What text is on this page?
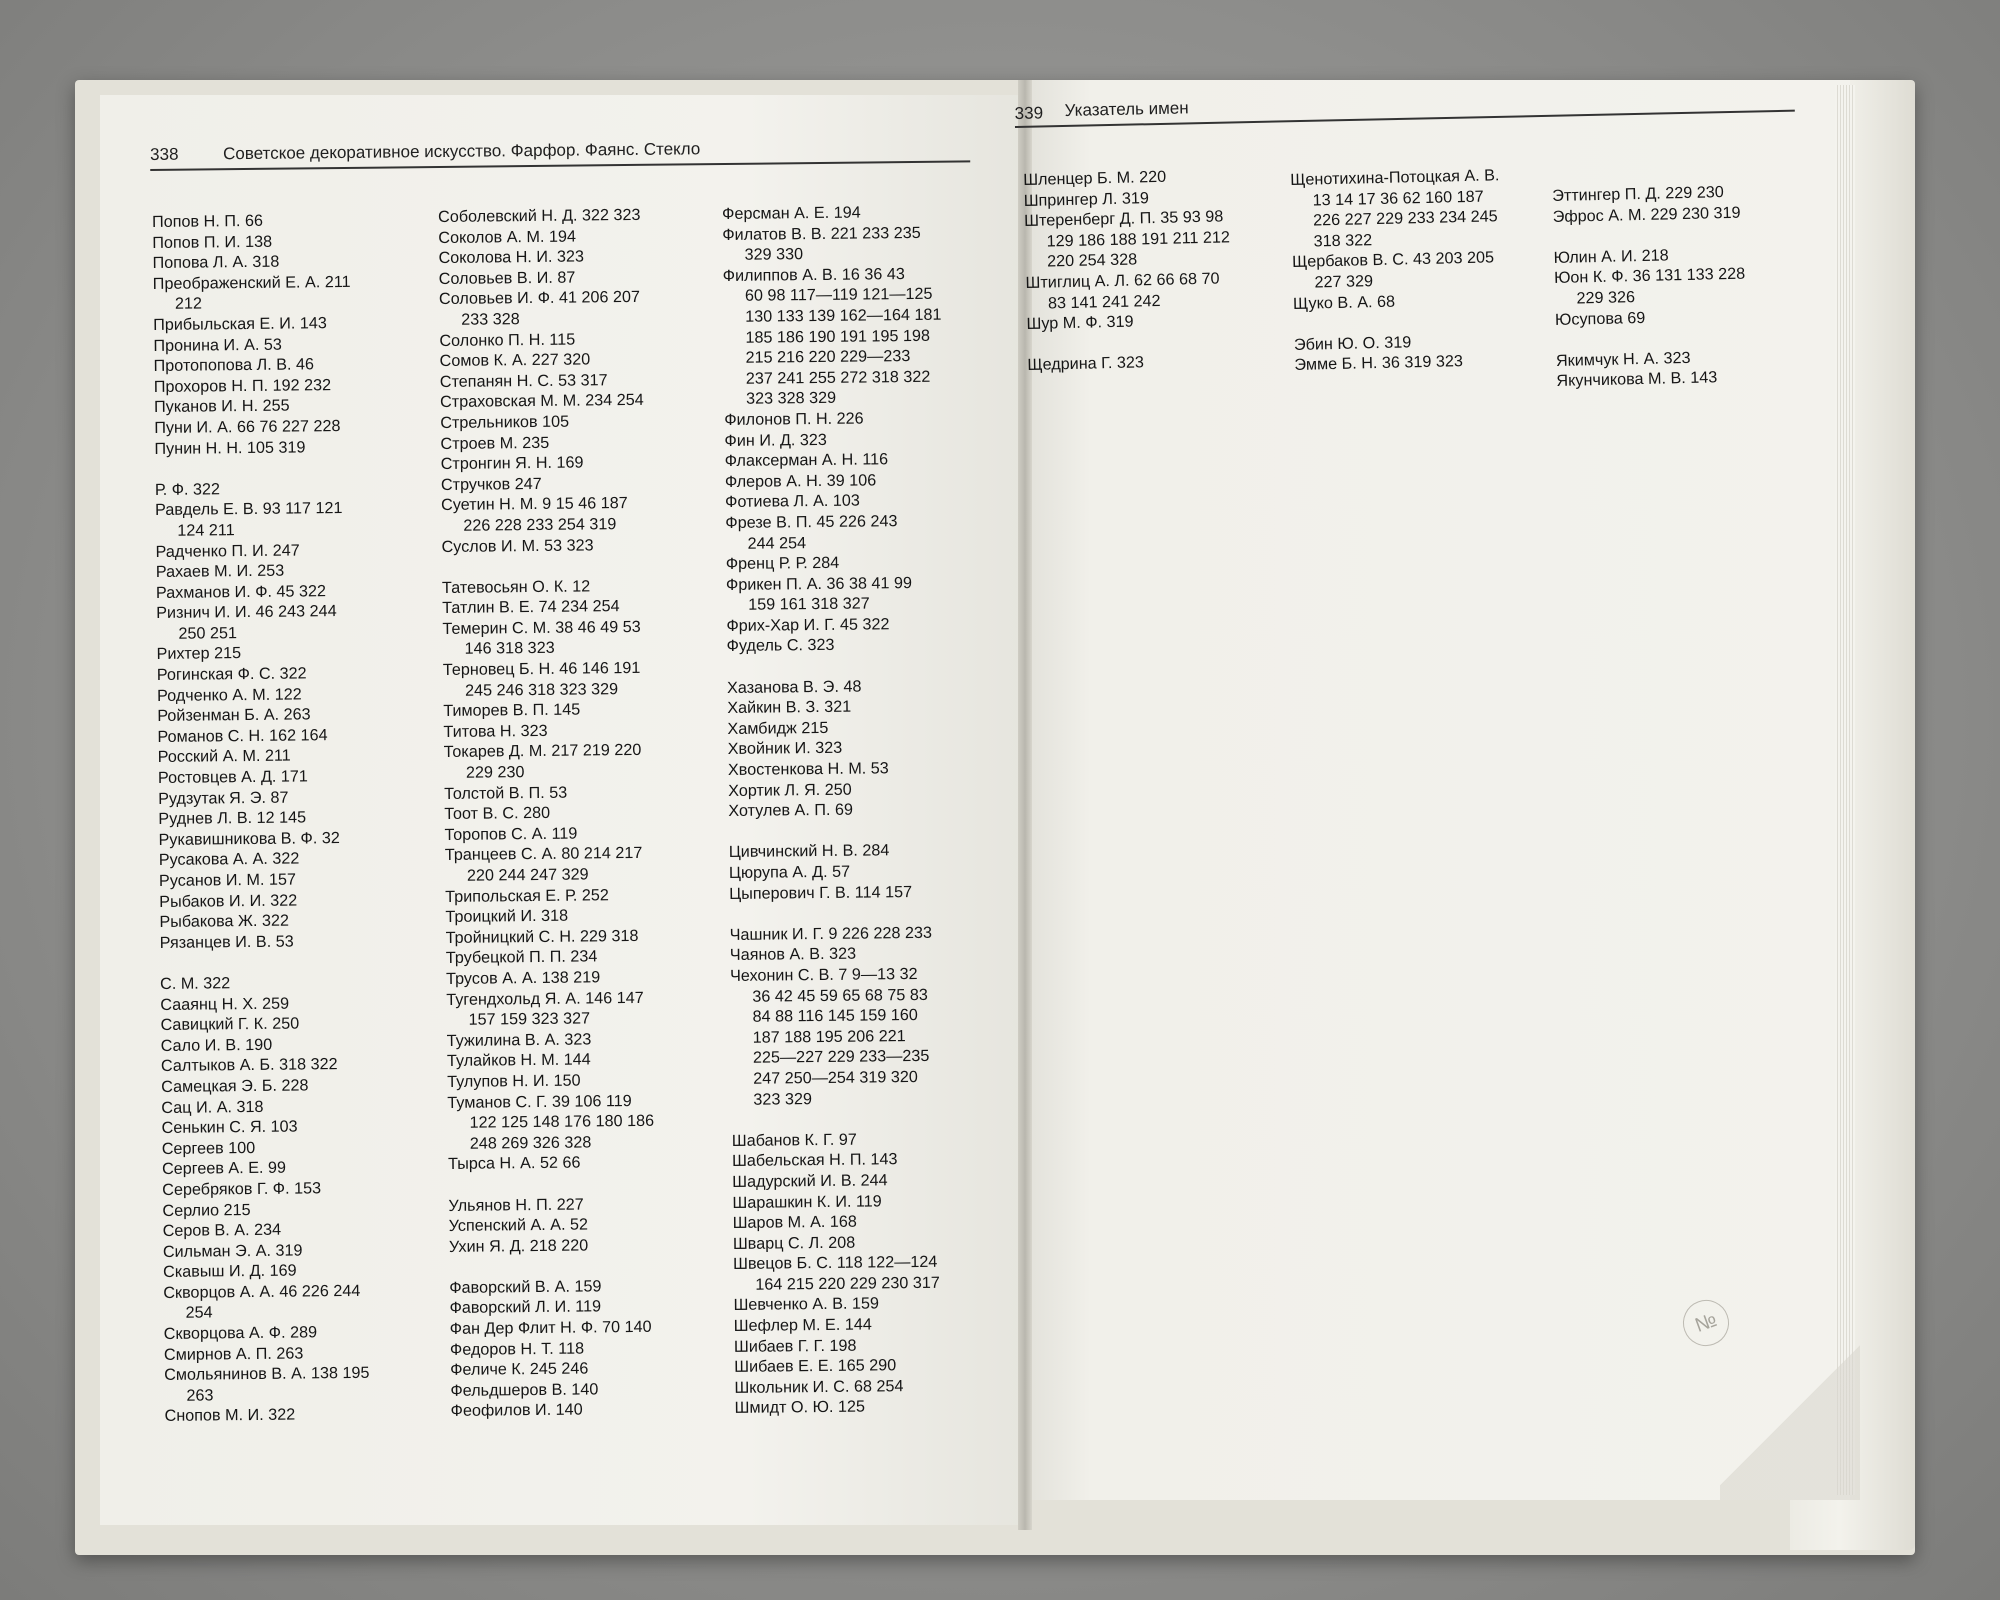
338	Советское декоративное искусство. Фарфор. Фаянс. Стекло
339 Указатель имен
Попов Н. П. 66
Попов П. И. 138
Попова Л. А. 318
Преображенский Е. А. 211
212
Прибыльская Е. И. 143
Пронина И. А. 53
Протопопова Л. В. 46
Прохоров Н. П. 192 232
Пуканов И. Н. 255
Пуни И. А. 66 76 227 228
Пунин Н. Н. 105 319
Р. Ф. 322
Равдель Е. В. 93 117 121
124 211
Радченко П. И. 247
Рахаев М. И. 253
Рахманов И. Ф. 45 322
Ризнич И. И. 46 243 244
250 251
Рихтер 215
Рогинская Ф. С. 322
Родченко А. М. 122
Ройзенман Б. А. 263
Романов С. Н. 162 164
Росский А. М. 211
Ростовцев А. Д. 171
Рудзутак Я. Э. 87
Руднев Л. В. 12 145
Рукавишникова В. Ф. 32
Русакова А. А. 322
Русанов И. М. 157
Рыбаков И. И. 322
Рыбакова Ж. 322
Рязанцев И. В. 53
С. М. 322
Сааянц Н. Х. 259
Савицкий Г. К. 250
Сало И. В. 190
Салтыков А. Б. 318 322
Самецкая Э. Б. 228
Сац И. А. 318
Сенькин С. Я. 103
Сергеев 100
Сергеев А. Е. 99
Серебряков Г. Ф. 153
Серлио 215
Серов В. А. 234
Сильман Э. А. 319
Скавыш И. Д. 169
Скворцов А. А. 46 226 244
254
Скворцова А. Ф. 289
Смирнов А. П. 263
Смольянинов В. А. 138 195
263
Снопов М. И. 322
Соболевский Н. Д. 322 323
Соколов А. М. 194
Соколова Н. И. 323
Соловьев В. И. 87
Соловьев И. Ф. 41 206 207
233 328
Солонко П. Н. 115
Сомов К. А. 227 320
Степанян Н. С. 53 317
Страховская М. М. 234 254
Стрельников 105
Строев М. 235
Стронгин Я. Н. 169
Стручков 247
Суетин Н. М. 9 15 46 187
226 228 233 254 319
Суслов И. М. 53 323
Татевосьян О. К. 12
Татлин В. Е. 74 234 254
Темерин С. М. 38 46 49 53
146 318 323
Терновец Б. Н. 46 146 191
245 246 318 323 329
Тиморев В. П. 145
Титова Н. 323
Токарев Д. М. 217 219 220
229 230
Толстой В. П. 53
Тоот В. С. 280
Торопов С. А. 119
Транцеев С. А. 80 214 217
220 244 247 329
Трипольская Е. Р. 252
Троицкий И. 318
Тройницкий С. Н. 229 318
Трубецкой П. П. 234
Трусов А. А. 138 219
Тугендхольд Я. А. 146 147
157 159 323 327
Тужилина В. А. 323
Тулайков Н. М. 144
Тулупов Н. И. 150
Туманов С. Г. 39 106 119
122 125 148 176 180 186
248 269 326 328
Тырса Н. А. 52 66
Ульянов Н. П. 227
Успенский А. А. 52
Ухин Я. Д. 218 220
Фаворский В. А. 159
Фаворский Л. И. 119
Фан Дер Флит Н. Ф. 70 140
Федоров Н. Т. 118
Феличе К. 245 246
Фельдшеров В. 140
Феофилов И. 140
Ферсман А. Е. 194
Филатов В. В. 221 233 235
329 330
Филиппов А. В. 16 36 43
60 98 117—119 121—125
130 133 139 162—164 181
185 186 190 191 195 198
215 216 220 229—233
237 241 255 272 318 322
323 328 329
Филонов П. Н. 226
Фин И. Д. 323
Флаксерман А. Н. 116
Флеров А. Н. 39 106
Фотиева Л. А. 103
Фрезе В. П. 45 226 243
244 254
Френц Р. Р. 284
Фрикен П. А. 36 38 41 99
159 161 318 327
Фрих-Хар И. Г. 45 322
Фудель С. 323
Хазанова В. Э. 48
Хайкин В. З. 321
Хамбидж 215
Хвойник И. 323
Хвостенкова Н. М. 53
Хортик Л. Я. 250
Хотулев А. П. 69
Цивчинский Н. В. 284
Цюрупа А. Д. 57
Цыперович Г. В. 114 157
Чашник И. Г. 9 226 228 233
Чаянов А. В. 323
Чехонин С. В. 7 9—13 32
36 42 45 59 65 68 75 83
84 88 116 145 159 160
187 188 195 206 221
225—227 229 233—235
247 250—254 319 320
323 329
Шабанов К. Г. 97
Шабельская Н. П. 143
Шадурский И. В. 244
Шарашкин К. И. 119
Шаров М. А. 168
Шварц С. Л. 208
Швецов Б. С. 118 122—124
164 215 220 229 230 317
Шевченко А. В. 159
Шефлер М. Е. 144
Шибаев Г. Г. 198
Шибаев Е. Е. 165 290
Школьник И. С. 68 254
Шмидт О. Ю. 125
Шленцер Б. М. 220
Шпрингер Л. 319
Штеренберг Д. П. 35 93 98
129 186 188 191 211 212
220 254 328
Штиглиц А. Л. 62 66 68 70
83 141 241 242
Шур М. Ф. 319
Щедрина Г. 323
Щенотихина-Потоцкая А. В.
13 14 17 36 62 160 187
226 227 229 233 234 245
318 322
Щербаков В. С. 43 203 205
227 329
Щуко В. А. 68
Эбин Ю. О. 319
Эмме Б. Н. 36 319 323
Эттингер П. Д. 229 230
Эфрос А. М. 229 230 319
Юлин А. И. 218
Юон К. Ф. 36 131 133 228
229 326
Юсупова 69
Якимчук Н. А. 323
Якунчикова М. В. 143
№
